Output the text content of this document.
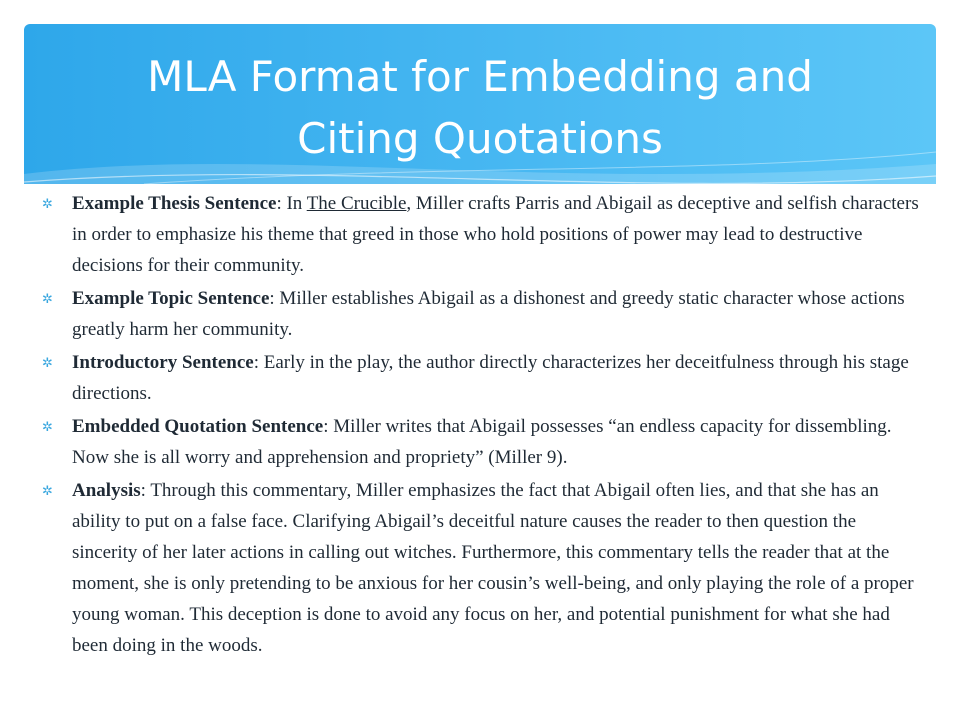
MLA Format for Embedding and
Citing Quotations
✲ Example Thesis Sentence: In The Crucible, Miller crafts Parris and Abigail as deceptive and selfish characters in order to emphasize his theme that greed in those who hold positions of power may lead to destructive decisions for their community.
✲ Example Topic Sentence: Miller establishes Abigail as a dishonest and greedy static character whose actions greatly harm her community.
✲ Introductory Sentence: Early in the play, the author directly characterizes her deceitfulness through his stage directions.
✲ Embedded Quotation Sentence: Miller writes that Abigail possesses “an endless capacity for dissembling. Now she is all worry and apprehension and propriety” (Miller 9).
✲ Analysis: Through this commentary, Miller emphasizes the fact that Abigail often lies, and that she has an ability to put on a false face. Clarifying Abigail’s deceitful nature causes the reader to then question the sincerity of her later actions in calling out witches. Furthermore, this commentary tells the reader that at the moment, she is only pretending to be anxious for her cousin’s well-being, and only playing the role of a proper young woman. This deception is done to avoid any focus on her, and potential punishment for what she had been doing in the woods.
